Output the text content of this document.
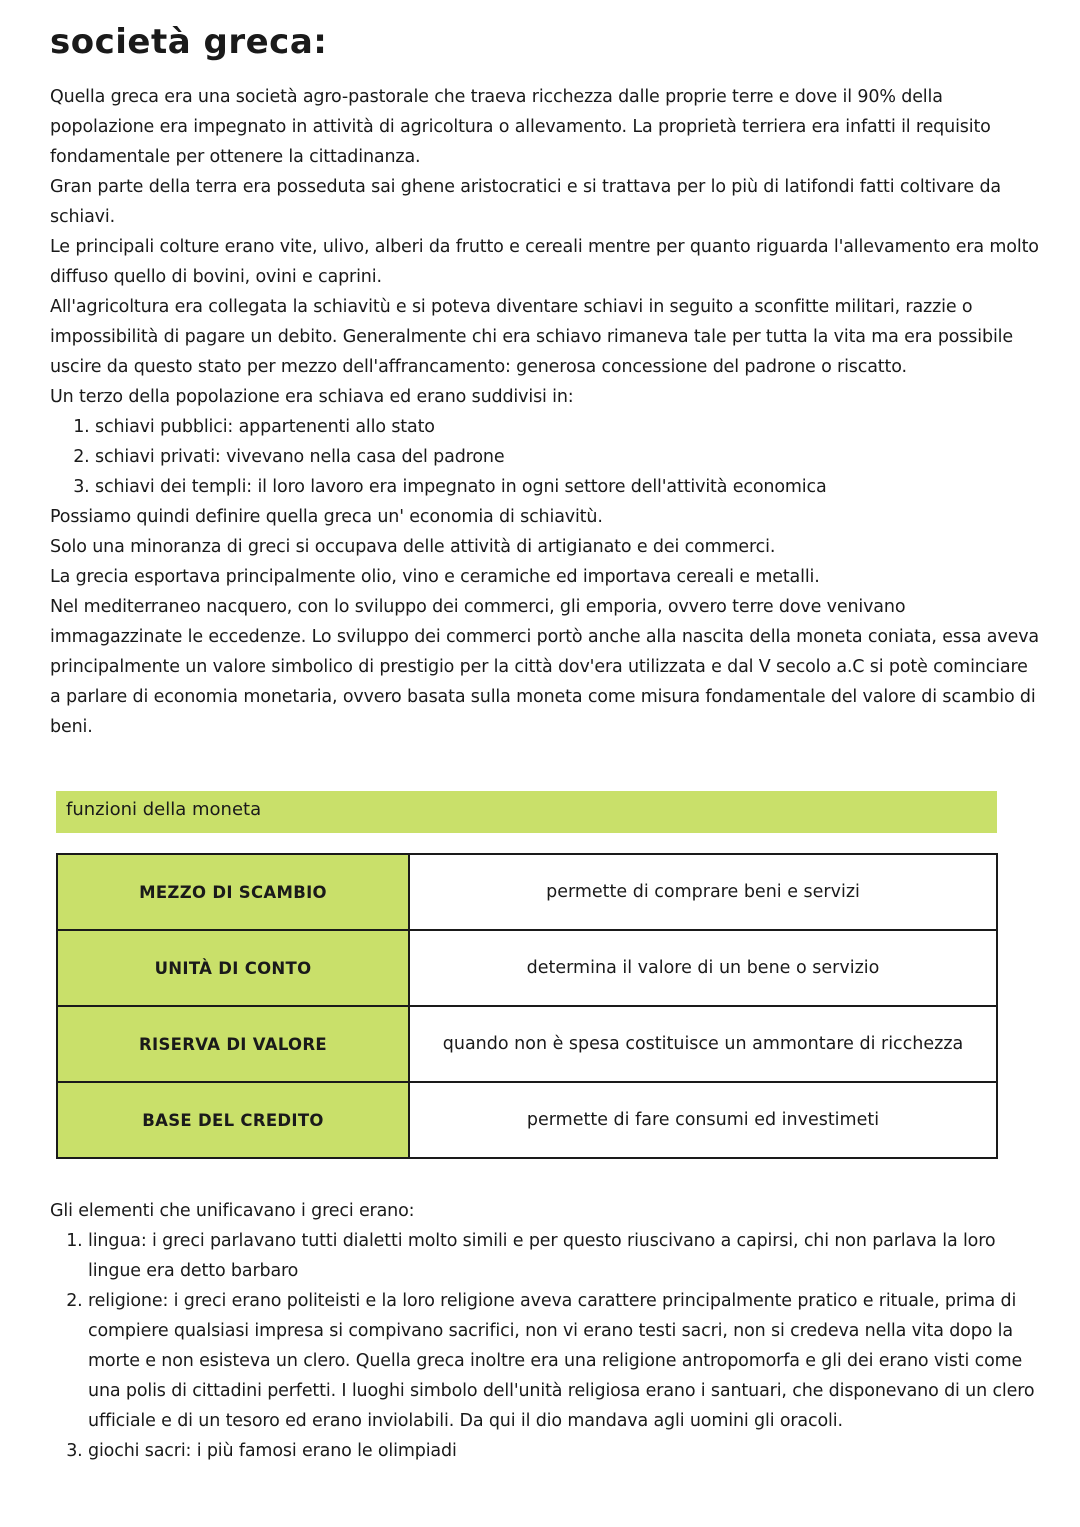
società greca:

Quella greca era una società agro-pastorale che traeva ricchezza dalle proprie terre e dove il 90% della popolazione era impegnato in attività di agricoltura o allevamento. La proprietà terriera era infatti il requisito fondamentale per ottenere la cittadinanza.

Gran parte della terra era posseduta sai ghene aristocratici e si trattava per lo più di latifondi fatti coltivare da schiavi.

Le principali colture erano vite, ulivo, alberi da frutto e cereali mentre per quanto riguarda l'allevamento era molto diffuso quello di bovini, ovini e caprini.

All'agricoltura era collegata la schiavitù e si poteva diventare schiavi in seguito a sconfitte militari, razzie o impossibilità di pagare un debito. Generalmente chi era schiavo rimaneva tale per tutta la vita ma era possibile uscire da questo stato per mezzo dell'affrancamento: generosa concessione del padrone o riscatto.

Un terzo della popolazione era schiava ed erano suddivisi in:

1. schiavi pubblici: appartenenti allo stato
2. schiavi privati: vivevano nella casa del padrone
3. schiavi dei templi: il loro lavoro era impegnato in ogni settore dell'attività economica

Possiamo quindi definire quella greca un' economia di schiavitù.

Solo una minoranza di greci si occupava delle attività di artigianato e dei commerci.

La grecia esportava principalmente olio, vino e ceramiche ed importava cereali e metalli.

Nel mediterraneo nacquero, con lo sviluppo dei commerci, gli emporia, ovvero terre dove venivano immagazzinate le eccedenze. Lo sviluppo dei commerci portò anche alla nascita della moneta coniata, essa aveva principalmente un valore simbolico di prestigio per la città dov'era utilizzata e dal V secolo a.C si potè cominciare a parlare di economia monetaria, ovvero basata sulla moneta come misura fondamentale del valore di scambio di beni.

funzioni della moneta
MEZZO DI SCAMBIO	permette di comprare beni e servizi
UNITÀ DI CONTO	determina il valore di un bene o servizio
RISERVA DI VALORE	quando non è spesa costituisce un ammontare di ricchezza
BASE DEL CREDITO	permette di fare consumi ed investimeti

Gli elementi che unificavano i greci erano:

1. lingua: i greci parlavano tutti dialetti molto simili e per questo riuscivano a capirsi, chi non parlava la loro lingue era detto barbaro
2. religione: i greci erano politeisti e la loro religione aveva carattere principalmente pratico e rituale, prima di compiere qualsiasi impresa si compivano sacrifici, non vi erano testi sacri, non si credeva nella vita dopo la morte e non esisteva un clero. Quella greca inoltre era una religione antropomorfa e gli dei erano visti come una polis di cittadini perfetti. I luoghi simbolo dell'unità religiosa erano i santuari, che disponevano di un clero ufficiale e di un tesoro ed erano inviolabili. Da qui il dio mandava agli uomini gli oracoli.
3. giochi sacri: i più famosi erano le olimpiadi
